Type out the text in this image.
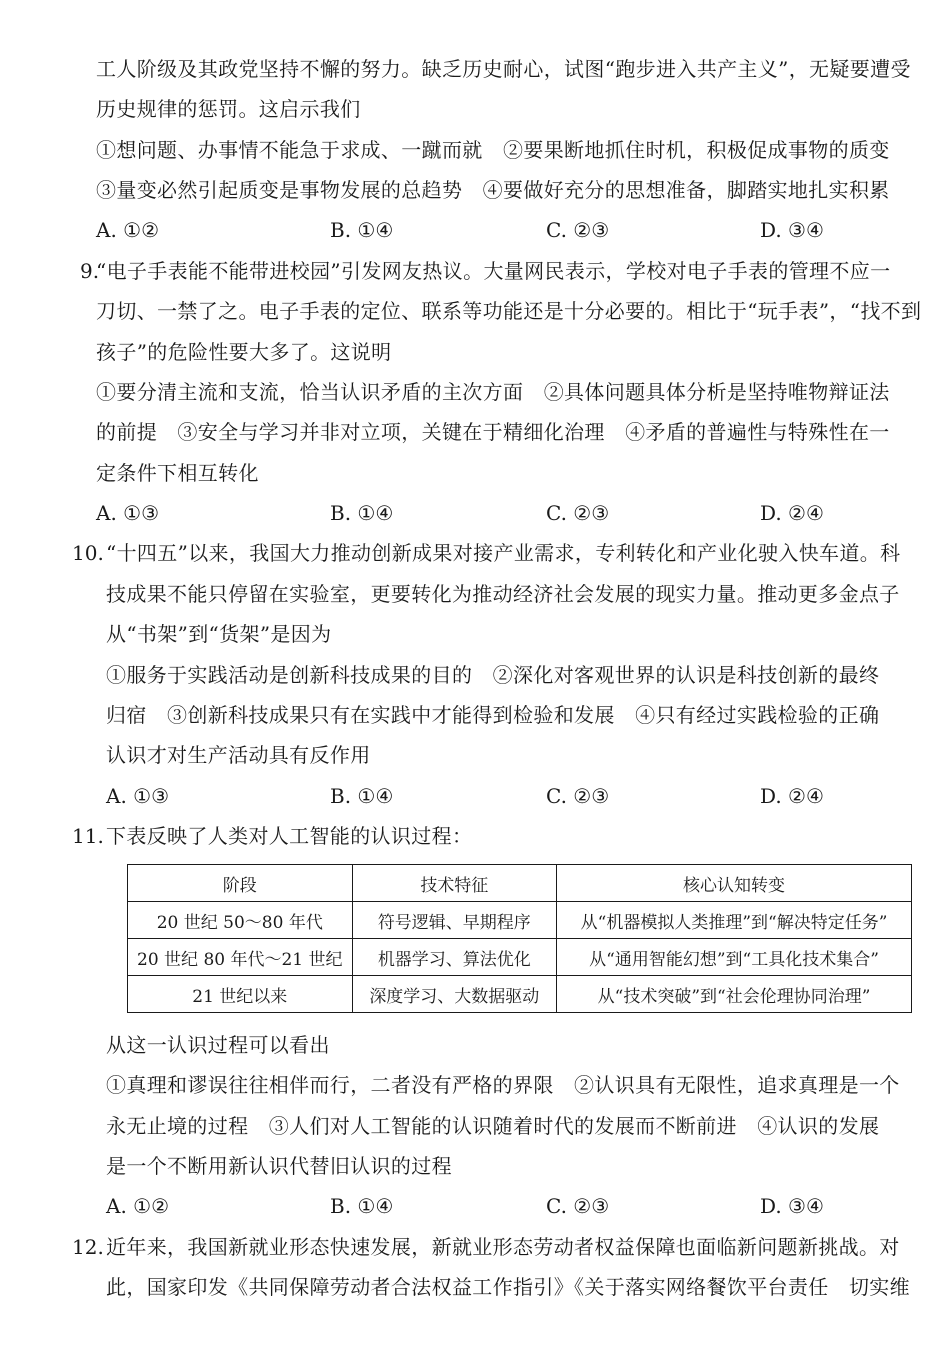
工人阶级及其政党坚持不懈的努力。缺乏历史耐心，试图“跑步进入共产主义”，无疑要遭受
历史规律的惩罚。这启示我们
①想问题、办事情不能急于求成、一蹴而就　②要果断地抓住时机，积极促成事物的质变
③量变必然引起质变是事物发展的总趋势　④要做好充分的思想准备，脚踏实地扎实积累
A. ①②	B. ①④	C. ②③	D. ③④
9.
“电子手表能不能带进校园”引发网友热议。大量网民表示，学校对电子手表的管理不应一
刀切、一禁了之。电子手表的定位、联系等功能还是十分必要的。相比于“玩手表”，“找不到
孩子”的危险性要大多了。这说明
①要分清主流和支流，恰当认识矛盾的主次方面　②具体问题具体分析是坚持唯物辩证法
的前提　③安全与学习并非对立项，关键在于精细化治理　④矛盾的普遍性与特殊性在一
定条件下相互转化
A. ①③	B. ①④	C. ②③	D. ②④
10. “十四五”以来，我国大力推动创新成果对接产业需求，专利转化和产业化驶入快车道。科
技成果不能只停留在实验室，更要转化为推动经济社会发展的现实力量。推动更多金点子
从“书架”到“货架”是因为
①服务于实践活动是创新科技成果的目的　②深化对客观世界的认识是科技创新的最终
归宿　③创新科技成果只有在实践中才能得到检验和发展　④只有经过实践检验的正确
认识才对生产活动具有反作用
A. ①③	B. ①④	C. ②③	D. ②④
11. 下表反映了人类对人工智能的认识过程：
阶段	技术特征	核心认知转变
20 世纪 50～80 年代	符号逻辑、早期程序	从“机器模拟人类推理”到“解决特定任务”
20 世纪 80 年代～21 世纪	机器学习、算法优化	从“通用智能幻想”到“工具化技术集合”
21 世纪以来	深度学习、大数据驱动	从“技术突破”到“社会伦理协同治理”
从这一认识过程可以看出
①真理和谬误往往相伴而行，二者没有严格的界限　②认识具有无限性，追求真理是一个
永无止境的过程　③人们对人工智能的认识随着时代的发展而不断前进　④认识的发展
是一个不断用新认识代替旧认识的过程
A. ①②	B. ①④	C. ②③	D. ③④
12. 近年来，我国新就业形态快速发展，新就业形态劳动者权益保障也面临新问题新挑战。对
此，国家印发《共同保障劳动者合法权益工作指引》《关于落实网络餐饮平台责任　切实维
